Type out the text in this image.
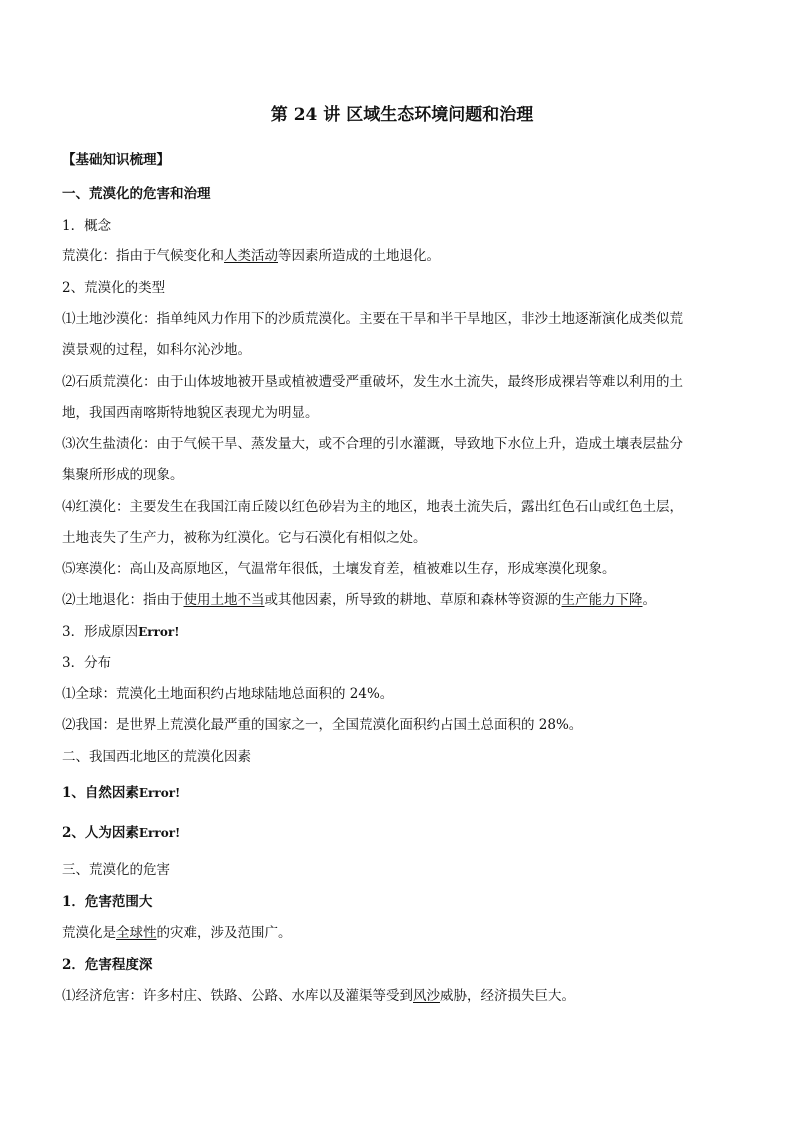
第 24 讲 区域生态环境问题和治理
【基础知识梳理】
一、荒漠化的危害和治理
1．概念
荒漠化：指由于气候变化和人类活动等因素所造成的土地退化。
2、荒漠化的类型
⑴土地沙漠化：指单纯风力作用下的沙质荒漠化。主要在干旱和半干旱地区，非沙土地逐渐演化成类似荒
漠景观的过程，如科尔沁沙地。
⑵石质荒漠化：由于山体坡地被开垦或植被遭受严重破坏，发生水土流失，最终形成裸岩等难以利用的土
地，我国西南喀斯特地貌区表现尤为明显。
⑶次生盐渍化：由于气候干旱、蒸发量大，或不合理的引水灌溉，导致地下水位上升，造成土壤表层盐分
集聚所形成的现象。
⑷红漠化：主要发生在我国江南丘陵以红色砂岩为主的地区，地表土流失后，露出红色石山或红色土层，
土地丧失了生产力，被称为红漠化。它与石漠化有相似之处。
⑸寒漠化：高山及高原地区，气温常年很低，土壤发育差，植被难以生存，形成寒漠化现象。
⑵土地退化：指由于使用土地不当或其他因素，所导致的耕地、草原和森林等资源的生产能力下降。
3．形成原因Error!
3．分布
⑴全球：荒漠化土地面积约占地球陆地总面积的 24%。
⑵我国：是世界上荒漠化最严重的国家之一，全国荒漠化面积约占国土总面积的 28%。
二、我国西北地区的荒漠化因素
1、自然因素Error!
2、人为因素Error!
三、荒漠化的危害
1．危害范围大
荒漠化是全球性的灾难，涉及范围广。
2．危害程度深
⑴经济危害：许多村庄、铁路、公路、水库以及灌渠等受到风沙威胁，经济损失巨大。
